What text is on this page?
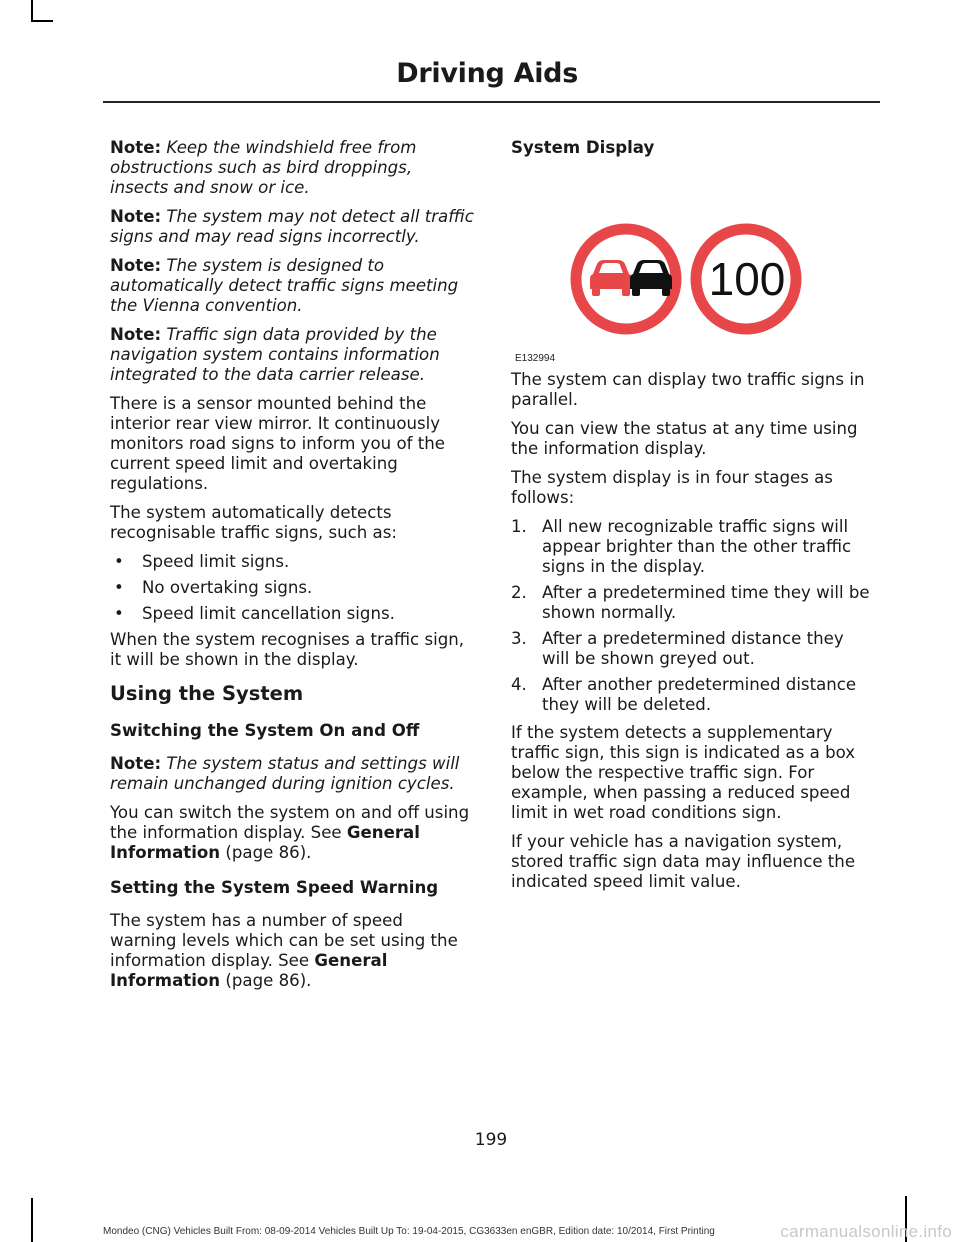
Driving Aids

Note: Keep the windshield free from obstructions such as bird droppings, insects and snow or ice.

Note: The system may not detect all traffic signs and may read signs incorrectly.

Note: The system is designed to automatically detect traffic signs meeting the Vienna convention.

Note: Traffic sign data provided by the navigation system contains information integrated to the data carrier release.

There is a sensor mounted behind the interior rear view mirror. It continuously monitors road signs to inform you of the current speed limit and overtaking regulations.

The system automatically detects recognisable traffic signs, such as:

• Speed limit signs.
• No overtaking signs.
• Speed limit cancellation signs.

When the system recognises a traffic sign, it will be shown in the display.

Using the System
Switching the System On and Off

Note: The system status and settings will remain unchanged during ignition cycles.

You can switch the system on and off using the information display. See General Information (page 86).

Setting the System Speed Warning

The system has a number of speed warning levels which can be set using the information display. See General Information (page 86).

System Display

100
E132994

The system can display two traffic signs in parallel.

You can view the status at any time using the information display.

The system display is in four stages as follows:

1. All new recognizable traffic signs will appear brighter than the other traffic signs in the display.
2. After a predetermined time they will be shown normally.
3. After a predetermined distance they will be shown greyed out.
4. After another predetermined distance they will be deleted.

If the system detects a supplementary traffic sign, this sign is indicated as a box below the respective traffic sign. For example, when passing a reduced speed limit in wet road conditions sign.

If your vehicle has a navigation system, stored traffic sign data may influence the indicated speed limit value.

199
Mondeo (CNG) Vehicles Built From: 08-09-2014 Vehicles Built Up To: 19-04-2015, CG3633en enGBR, Edition date: 10/2014, First Printing	carmanualsonline.info
